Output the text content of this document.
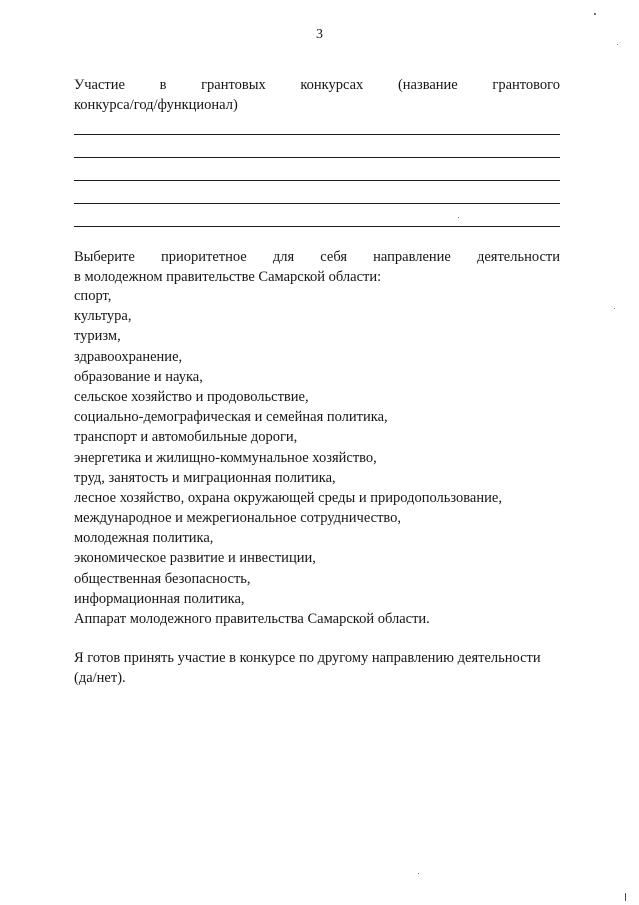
3
Участие в грантовых конкурсах (название грантового
конкурса/год/функционал)
Выберите приоритетное для себя направление деятельности
в молодежном правительстве Самарской области:
спорт,
культура,
туризм,
здравоохранение,
образование и наука,
сельское хозяйство и продовольствие,
социально-демографическая и семейная политика,
транспорт и автомобильные дороги,
энергетика и жилищно-коммунальное хозяйство,
труд, занятость и миграционная политика,
лесное хозяйство, охрана окружающей среды и природопользование,
международное и межрегиональное сотрудничество,
молодежная политика,
экономическое развитие и инвестиции,
общественная безопасность,
информационная политика,
Аппарат молодежного правительства Самарской области.
Я готов принять участие в конкурсе по другому направлению деятельности
(да/нет).
